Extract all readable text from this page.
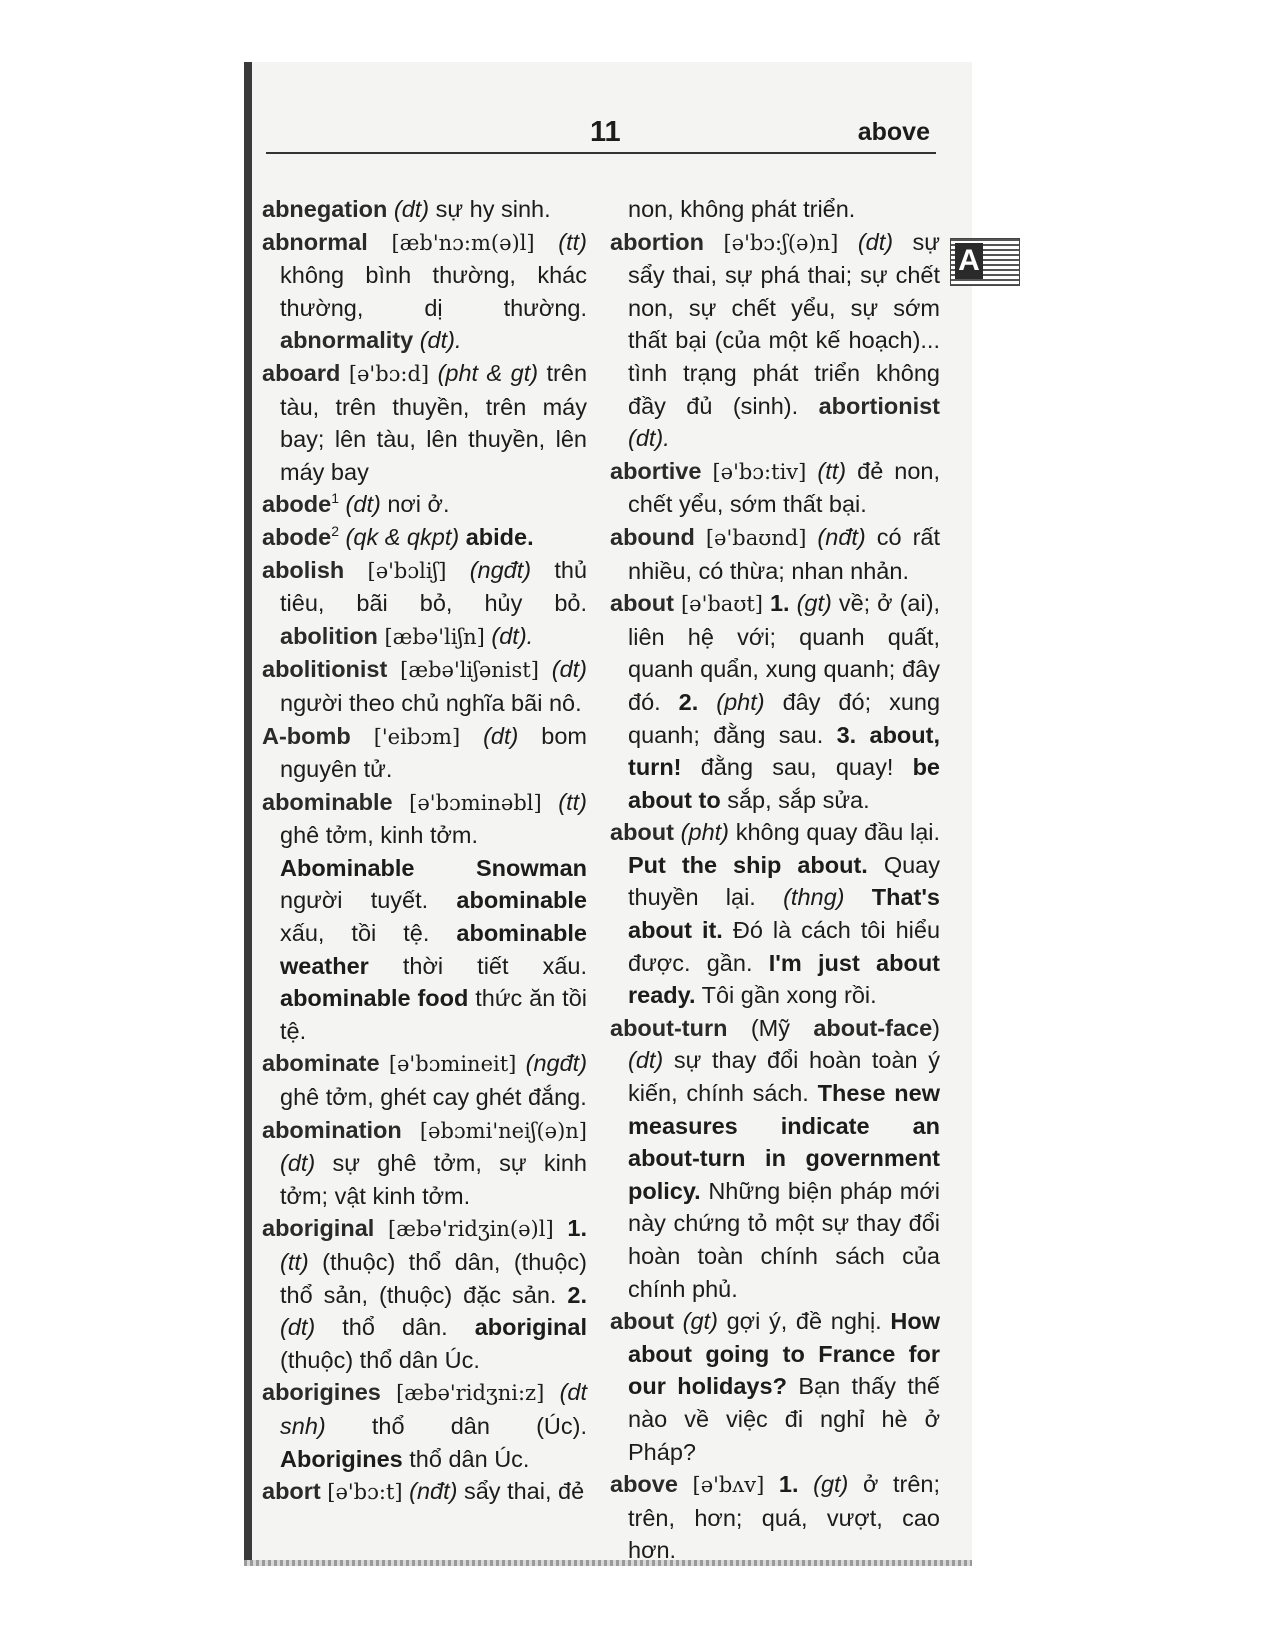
11	above
A

abnegation (dt) sự hy sinh.

abnormal [æb'nɔ:m(ə)l] (tt) không bình thường, khác thường, dị thường. abnormality (dt).

aboard [ə'bɔ:d] (pht & gt) trên tàu, trên thuyền, trên máy bay; lên tàu, lên thuyền, lên máy bay

abode$^1$ (dt) nơi ở.

abode$^2$ (qk & qkpt) abide.

abolish [ə'bɔliʃ] (ngđt) thủ tiêu, bãi bỏ, hủy bỏ. abolition [æbə'liʃn] (dt).

abolitionist [æbə'liʃənist] (dt) người theo chủ nghĩa bãi nô.

A-bomb ['eibɔm] (dt) bom nguyên tử.

abominable [ə'bɔminəbl] (tt) ghê tởm, kinh tởm.

Abominable Snowman người tuyết. abominable xấu, tồi tệ. abominable weather thời tiết xấu. abominable food thức ăn tồi tệ.

abominate [ə'bɔmineit] (ngđt) ghê tởm, ghét cay ghét đắng.

abomination [əbɔmi'neiʃ(ə)n] (dt) sự ghê tởm, sự kinh tởm; vật kinh tởm.

aboriginal [æbə'ridʒin(ə)l] 1. (tt) (thuộc) thổ dân, (thuộc) thổ sản, (thuộc) đặc sản. 2. (dt) thổ dân. aboriginal (thuộc) thổ dân Úc.

aborigines [æbə'ridʒni:z] (dt snh) thổ dân (Úc). Aborigines thổ dân Úc.

abort [ə'bɔ:t] (nđt) sẩy thai, đẻ

non, không phát triển.

abortion [ə'bɔ:ʃ(ə)n] (dt) sự sẩy thai, sự phá thai; sự chết non, sự chết yểu, sự sớm thất bại (của một kế hoạch)... tình trạng phát triển không đầy đủ (sinh). abortionist (dt).

abortive [ə'bɔ:tiv] (tt) đẻ non, chết yểu, sớm thất bại.

abound [ə'baʊnd] (nđt) có rất nhiều, có thừa; nhan nhản.

about [ə'baʊt] 1. (gt) về; ở (ai), liên hệ với; quanh quất, quanh quẩn, xung quanh; đây đó. 2. (pht) đây đó; xung quanh; đằng sau. 3. about, turn! đằng sau, quay! be about to sắp, sắp sửa.

about (pht) không quay đầu lại. Put the ship about. Quay thuyền lại. (thng) That's about it. Đó là cách tôi hiểu được. gần. I'm just about ready. Tôi gần xong rồi.

about-turn (Mỹ about-face) (dt) sự thay đổi hoàn toàn ý kiến, chính sách. These new measures indicate an about-turn in government policy. Những biện pháp mới này chứng tỏ một sự thay đổi hoàn toàn chính sách của chính phủ.

about (gt) gợi ý, đề nghị. How about going to France for our holidays? Bạn thấy thế nào về việc đi nghỉ hè ở Pháp?

above [ə'bʌv] 1. (gt) ở trên; trên, hơn; quá, vượt, cao hơn.
